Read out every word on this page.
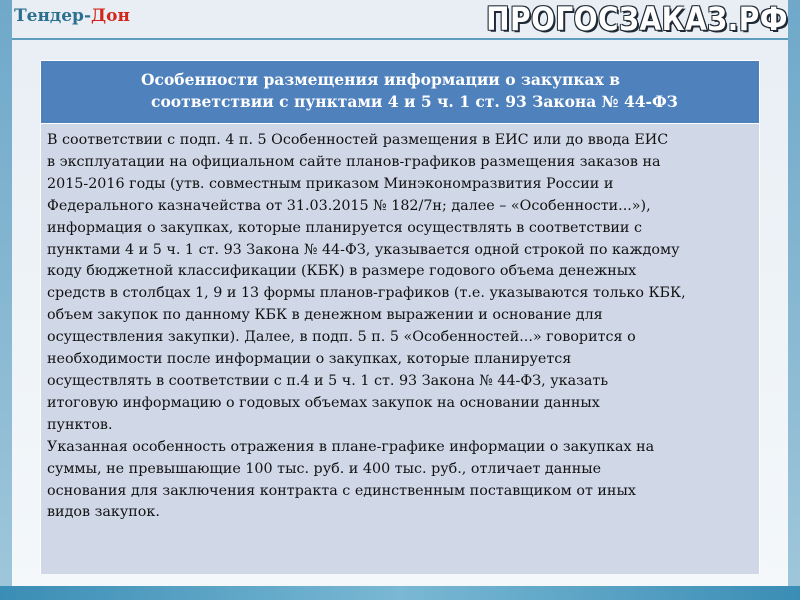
Тендер-Дон	ПРОГОСЗАКАЗ.РФ
Особенности размещения информации о закупках в
соответствии с пунктами 4 и 5 ч. 1 ст. 93 Закона № 44-ФЗ
В соответствии с подп. 4 п. 5 Особенностей размещения в ЕИС или до ввода ЕИС
в эксплуатации на официальном сайте планов-графиков размещения заказов на
2015-2016 годы (утв. совместным приказом Минэкономразвития России и
Федерального казначейства от 31.03.2015 № 182/7н; далее – «Особенности...»),
информация о закупках, которые планируется осуществлять в соответствии с
пунктами 4 и 5 ч. 1 ст. 93 Закона № 44-ФЗ, указывается одной строкой по каждому
коду бюджетной классификации (КБК) в размере годового объема денежных
средств в столбцах 1, 9 и 13 формы планов-графиков (т.е. указываются только КБК,
объем закупок по данному КБК в денежном выражении и основание для
осуществления закупки). Далее, в подп. 5 п. 5 «Особенностей...» говорится о
необходимости после информации о закупках, которые планируется
осуществлять в соответствии с п.4 и 5 ч. 1 ст. 93 Закона № 44-ФЗ, указать
итоговую информацию о годовых объемах закупок на основании данных
пунктов.
Указанная особенность отражения в плане-графике информации о закупках на
суммы, не превышающие 100 тыс. руб. и 400 тыс. руб., отличает данные
основания для заключения контракта с единственным поставщиком от иных
видов закупок.
